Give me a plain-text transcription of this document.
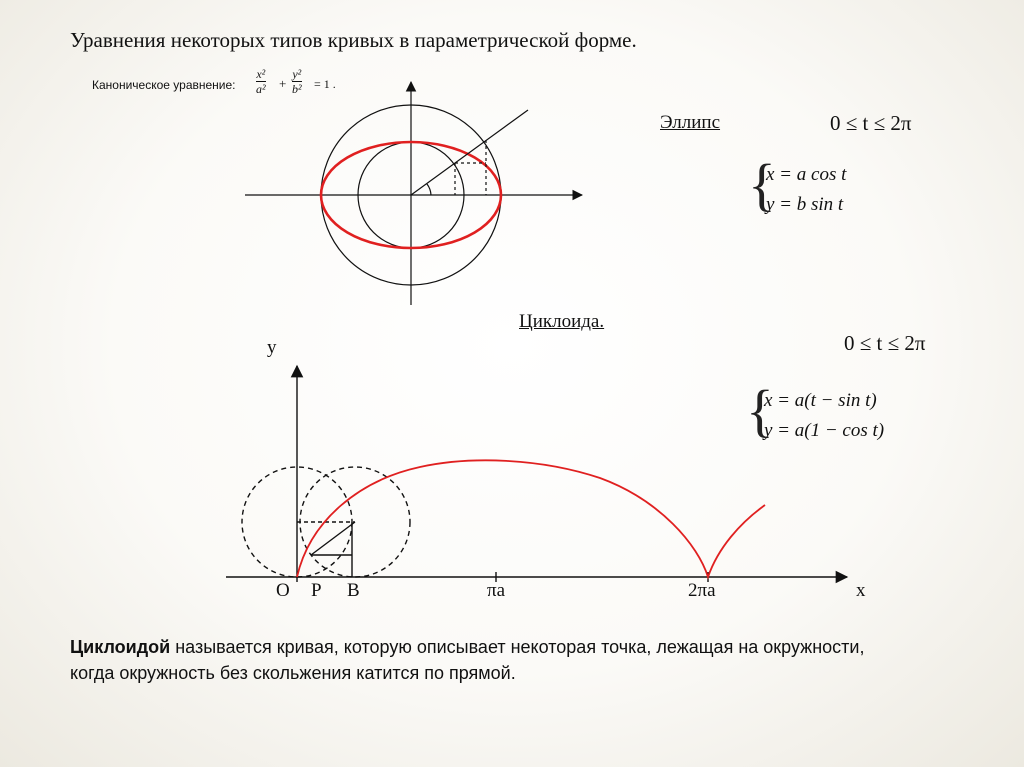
Уравнения некоторых типов кривых в параметрической форме.
Каноническое уравнение: $\frac{\text{x²}}{\text{a²}} + \frac{\text{y²}}{\text{b²}} = 1$ .
Эллипс	0 ≤ t ≤ 2π
{
x = a cos t
y = b sin t
Циклоида.
0 ≤ t ≤ 2π
{
x = a(t − sin t)
y = a(1 − cos t)
y
x
O P B	πa	2πa
Циклоидой называется кривая, которую описывает некоторая точка, лежащая на окружности, когда окружность без скольжения катится по прямой.
